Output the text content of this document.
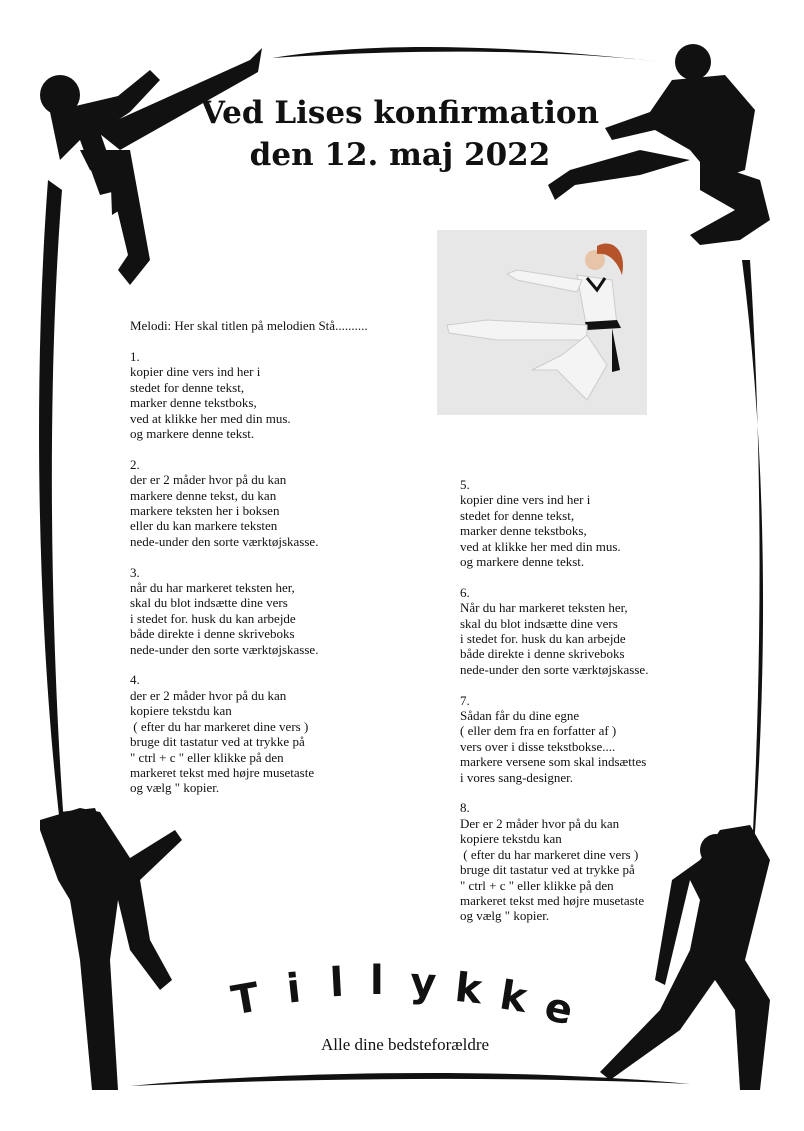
Ved Lises konfirmation
den 12. maj 2022
Melodi: Her skal titlen på melodien Stå..........
1.
kopier dine vers ind her i
stedet for denne tekst,
marker denne tekstboks,
ved at klikke her med din mus.
og markere denne tekst.
2.
der er 2 måder hvor på du kan
markere denne tekst, du kan
markere teksten her i boksen
eller du kan markere teksten
nede-under den sorte værktøjskasse.
3.
når du har markeret teksten her,
skal du blot indsætte dine vers
i stedet for. husk du kan arbejde
både direkte i denne skriveboks
nede-under den sorte værktøjskasse.
4.
der er 2 måder hvor på du kan
kopiere tekstdu kan
( efter du har markeret dine vers )
bruge dit tastatur ved at trykke på
" ctrl + c " eller klikke på den
markeret tekst med højre musetaste
og vælg " kopier.
5.
kopier dine vers ind her i
stedet for denne tekst,
marker denne tekstboks,
ved at klikke her med din mus.
og markere denne tekst.
6.
Når du har markeret teksten her,
skal du blot indsætte dine vers
i stedet for. husk du kan arbejde
både direkte i denne skriveboks
nede-under den sorte værktøjskasse.
7.
Sådan får du dine egne
( eller dem fra en forfatter af )
vers over i disse tekstbokse....
markere versene som skal indsættes
i vores sang-designer.
8.
Der er 2 måder hvor på du kan
kopiere tekstdu kan
( efter du har markeret dine vers )
bruge dit tastatur ved at trykke på
" ctrl + c " eller klikke på den
markeret tekst med højre musetaste
og vælg " kopier.
T i l l y k k e
Alle dine bedsteforældre
